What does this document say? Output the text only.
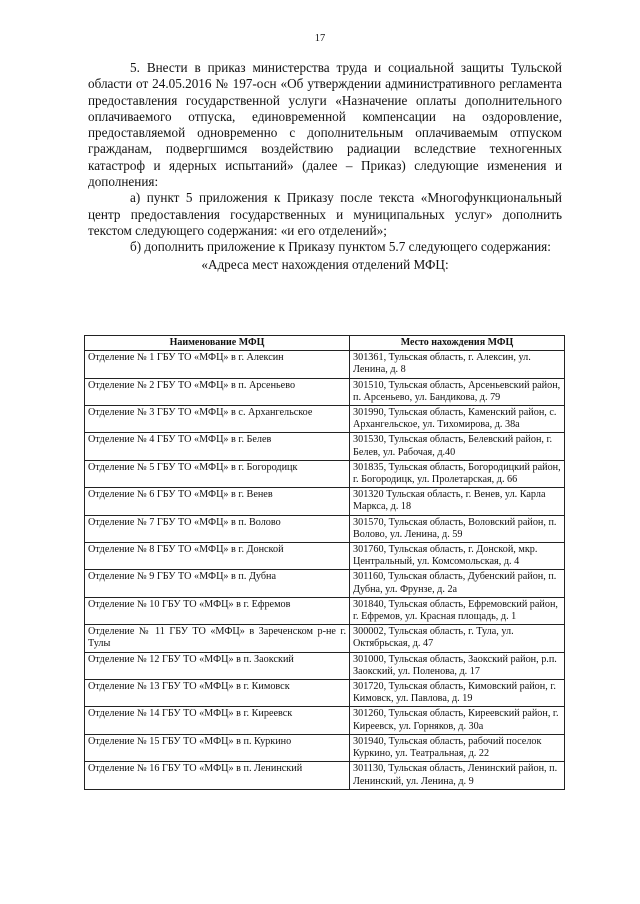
17

5. Внести в приказ министерства труда и социальной защиты Тульской области от 24.05.2016 № 197-осн «Об утверждении административного регламента предоставления государственной услуги «Назначение оплаты дополнительного оплачиваемого отпуска, единовременной компенсации на оздоровление, предоставляемой одновременно с дополнительным оплачиваемым отпуском гражданам, подвергшимся воздействию радиации вследствие техногенных катастроф и ядерных испытаний» (далее – Приказ) следующие изменения и дополнения:

а) пункт 5 приложения к Приказу после текста «Многофункциональный центр предоставления государственных и муниципальных услуг» дополнить текстом следующего содержания: «и его отделений»;

б) дополнить приложение к Приказу пунктом 5.7 следующего содержания:

«Адреса мест нахождения отделений МФЦ:

Наименование МФЦ	Место нахождения МФЦ
Отделение № 1 ГБУ ТО «МФЦ» в г. Алексин	301361, Тульская область, г. Алексин, ул. Ленина, д. 8
Отделение № 2 ГБУ ТО «МФЦ» в п. Арсеньево	301510, Тульская область, Арсеньевский район, п. Арсеньево, ул. Бандикова, д. 79
Отделение № 3 ГБУ ТО «МФЦ» в с. Архангельское	301990, Тульская область, Каменский район, с. Архангельское, ул. Тихомирова, д. 38а
Отделение № 4 ГБУ ТО «МФЦ» в г. Белев	301530, Тульская область, Белевский район, г. Белев, ул. Рабочая, д.40
Отделение № 5 ГБУ ТО «МФЦ» в г. Богородицк	301835, Тульская область, Богородицкий район, г. Богородицк, ул. Пролетарская, д. 66
Отделение № 6 ГБУ ТО «МФЦ» в г. Венев	301320 Тульская область, г. Венев, ул. Карла Маркса, д. 18
Отделение № 7 ГБУ ТО «МФЦ» в п. Волово	301570, Тульская область, Воловский район, п. Волово, ул. Ленина, д. 59
Отделение № 8 ГБУ ТО «МФЦ» в г. Донской	301760, Тульская область, г. Донской, мкр. Центральный, ул. Комсомольская, д. 4
Отделение № 9 ГБУ ТО «МФЦ» в п. Дубна	301160, Тульская область, Дубенский район, п. Дубна, ул. Фрунзе, д. 2а
Отделение № 10 ГБУ ТО «МФЦ» в г. Ефремов	301840, Тульская область, Ефремовский район, г. Ефремов, ул. Красная площадь, д. 1
Отделение № 11 ГБУ ТО «МФЦ» в Зареченском р-не г. Тулы	300002, Тульская область, г. Тула, ул. Октябрьская, д. 47
Отделение № 12 ГБУ ТО «МФЦ» в п. Заокский	301000, Тульская область, Заокский район, р.п. Заокский, ул. Поленова, д. 17
Отделение № 13 ГБУ ТО «МФЦ» в г. Кимовск	301720, Тульская область, Кимовский район, г. Кимовск, ул. Павлова, д. 19
Отделение № 14 ГБУ ТО «МФЦ» в г. Киреевск	301260, Тульская область, Киреевский район, г. Киреевск, ул. Горняков, д. 30а
Отделение № 15 ГБУ ТО «МФЦ» в п. Куркино	301940, Тульская область, рабочий поселок Куркино, ул. Театральная, д. 22
Отделение № 16 ГБУ ТО «МФЦ» в п. Ленинский	301130, Тульская область, Ленинский район, п. Ленинский, ул. Ленина, д. 9
